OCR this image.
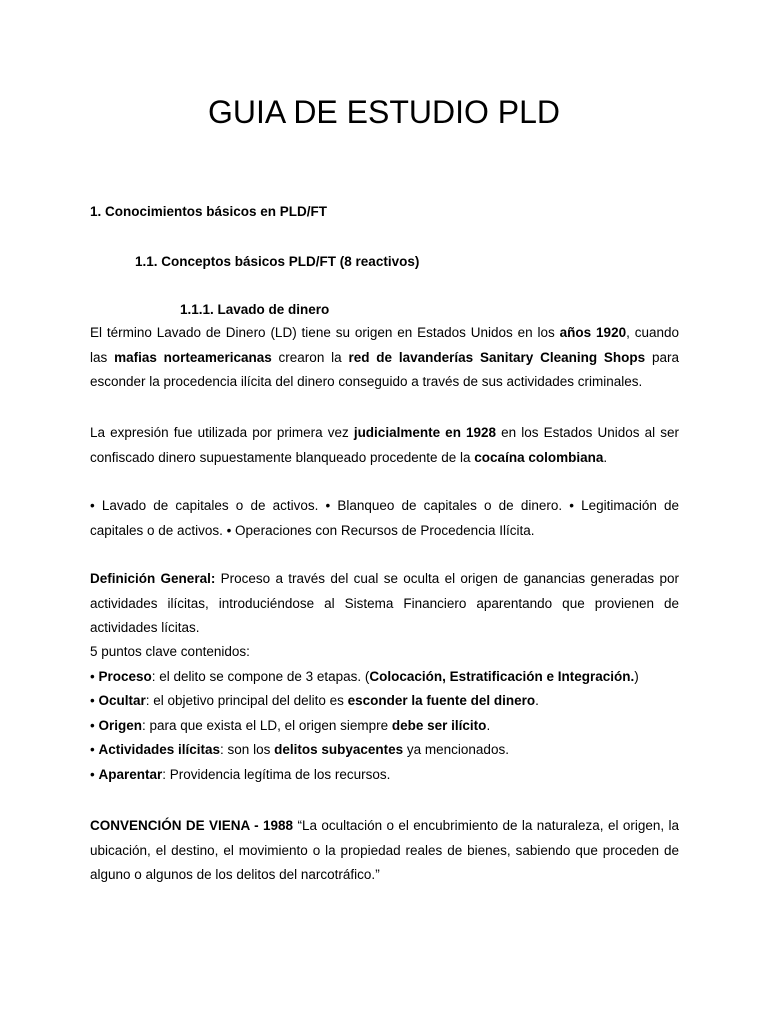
GUIA DE ESTUDIO PLD

1. Conocimientos básicos en PLD/FT

1.1. Conceptos básicos PLD/FT (8 reactivos)

1.1.1. Lavado de dinero

El término Lavado de Dinero (LD) tiene su origen en Estados Unidos en los años 1920, cuando las mafias norteamericanas crearon la red de lavanderías Sanitary Cleaning Shops para esconder la procedencia ilícita del dinero conseguido a través de sus actividades criminales.

La expresión fue utilizada por primera vez judicialmente en 1928 en los Estados Unidos al ser confiscado dinero supuestamente blanqueado procedente de la cocaína colombiana.

• Lavado de capitales o de activos. • Blanqueo de capitales o de dinero. • Legitimación de capitales o de activos. • Operaciones con Recursos de Procedencia Ilícita.

Definición General: Proceso a través del cual se oculta el origen de ganancias generadas por actividades ilícitas, introduciéndose al Sistema Financiero aparentando que provienen de actividades lícitas.

5 puntos clave contenidos:
• Proceso: el delito se compone de 3 etapas. (Colocación, Estratificación e Integración.)
• Ocultar: el objetivo principal del delito es esconder la fuente del dinero.
• Origen: para que exista el LD, el origen siempre debe ser ilícito.
• Actividades ilícitas: son los delitos subyacentes ya mencionados.
• Aparentar: Providencia legítima de los recursos.

CONVENCIÓN DE VIENA - 1988 “La ocultación o el encubrimiento de la naturaleza, el origen, la ubicación, el destino, el movimiento o la propiedad reales de bienes, sabiendo que proceden de alguno o algunos de los delitos del narcotráfico.”
